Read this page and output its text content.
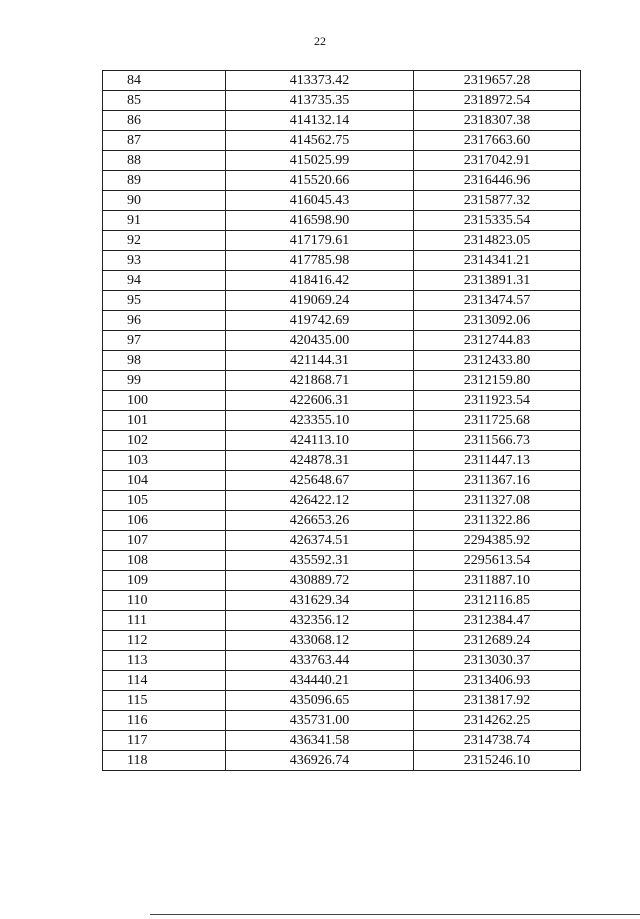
22
84	413373.42	2319657.28
85	413735.35	2318972.54
86	414132.14	2318307.38
87	414562.75	2317663.60
88	415025.99	2317042.91
89	415520.66	2316446.96
90	416045.43	2315877.32
91	416598.90	2315335.54
92	417179.61	2314823.05
93	417785.98	2314341.21
94	418416.42	2313891.31
95	419069.24	2313474.57
96	419742.69	2313092.06
97	420435.00	2312744.83
98	421144.31	2312433.80
99	421868.71	2312159.80
100	422606.31	2311923.54
101	423355.10	2311725.68
102	424113.10	2311566.73
103	424878.31	2311447.13
104	425648.67	2311367.16
105	426422.12	2311327.08
106	426653.26	2311322.86
107	426374.51	2294385.92
108	435592.31	2295613.54
109	430889.72	2311887.10
110	431629.34	2312116.85
111	432356.12	2312384.47
112	433068.12	2312689.24
113	433763.44	2313030.37
114	434440.21	2313406.93
115	435096.65	2313817.92
116	435731.00	2314262.25
117	436341.58	2314738.74
118	436926.74	2315246.10
